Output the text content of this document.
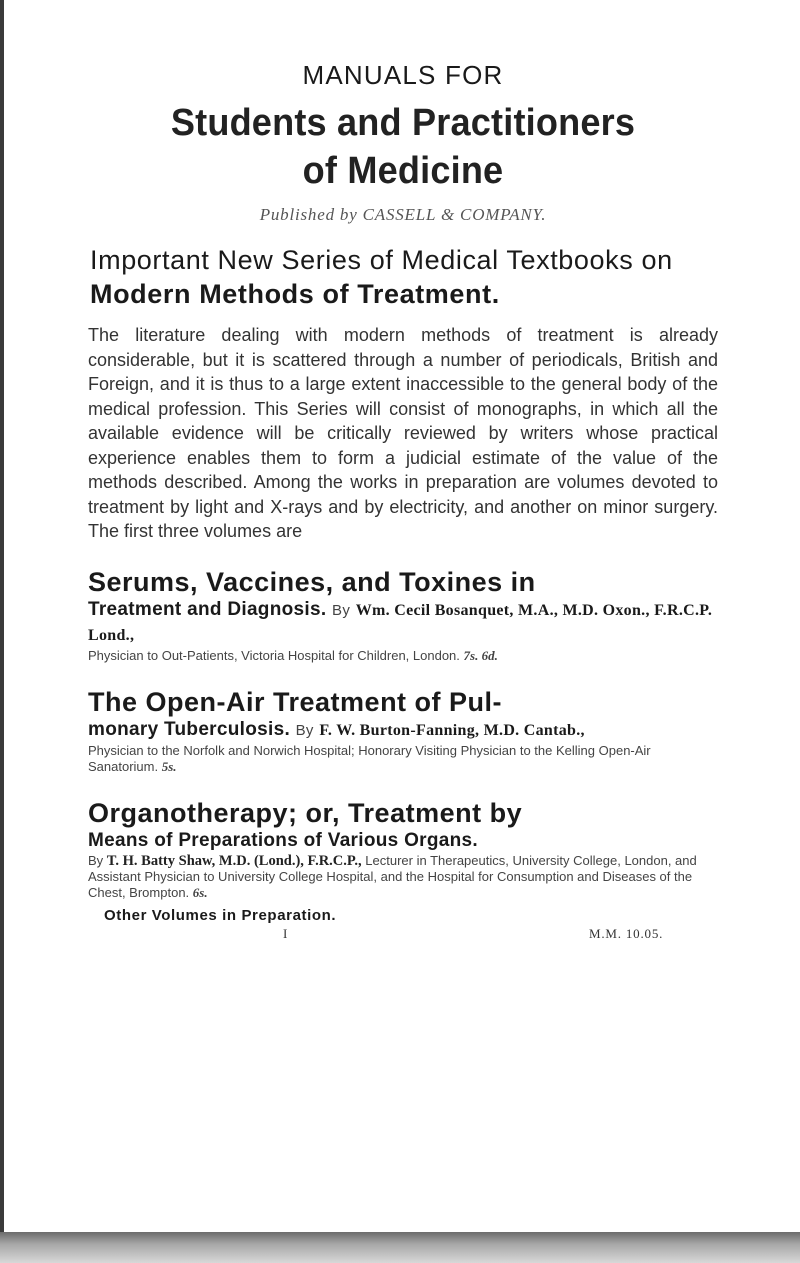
MANUALS FOR
Students and Practitioners
of Medicine
Published by CASSELL & COMPANY.
Important New Series of Medical Textbooks on Modern Methods of Treatment.

The literature dealing with modern methods of treatment is already considerable, but it is scattered through a number of periodicals, British and Foreign, and it is thus to a large extent inaccessible to the general body of the medical profession. This Series will consist of monographs, in which all the available evidence will be critically reviewed by writers whose practical experience enables them to form a judicial estimate of the value of the methods described. Among the works in preparation are volumes devoted to treatment by light and X-rays and by electricity, and another on minor surgery. The first three volumes are

Serums, Vaccines, and Toxines in
Treatment and Diagnosis. By Wm. Cecil Bosanquet, M.A., M.D. Oxon., F.R.C.P. Lond.,
Physician to Out-Patients, Victoria Hospital for Children, London. 7s. 6d.
The Open-Air Treatment of Pul-
monary Tuberculosis. By F. W. Burton-Fanning, M.D. Cantab.,
Physician to the Norfolk and Norwich Hospital; Honorary Visiting Physician to the Kelling Open-Air Sanatorium. 5s.
Organotherapy; or, Treatment by
Means of Preparations of Various Organs.
By T. H. Batty Shaw, M.D. (Lond.), F.R.C.P., Lecturer in Therapeutics, University College, London, and Assistant Physician to University College Hospital, and the Hospital for Consumption and Diseases of the Chest, Brompton. 6s.
Other Volumes in Preparation.
I	M.M. 10.05.
